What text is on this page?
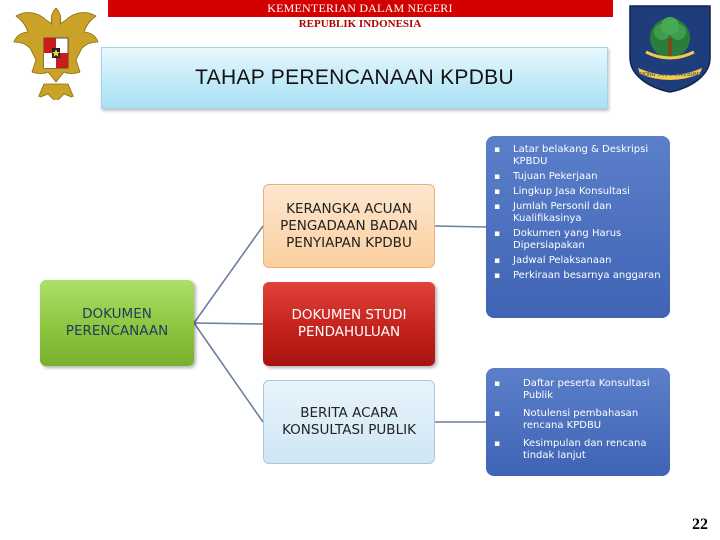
KEMENTERIAN DALAM NEGERI
REPUBLIK INDONESIA
AMONG TANI DALAN BUMIH
TAHAP PERENCANAAN KPDBU
DOKUMEN PERENCANAAN
KERANGKA ACUAN PENGADAAN BADAN PENYIAPAN KPDBU
DOKUMEN STUDI PENDAHULUAN
BERITA ACARA KONSULTASI PUBLIK
▪ Latar belakang & Deskripsi KPBDU
▪ Tujuan Pekerjaan
▪ Lingkup Jasa Konsultasi
▪ Jumlah Personil dan Kualifikasinya
▪ Dokumen yang Harus Dipersiapakan
▪ Jadwal Pelaksanaan
▪ Perkiraan besarnya anggaran
▪ Daftar peserta Konsultasi Publik
▪ Notulensi pembahasan rencana KPDBU
▪ Kesimpulan dan rencana tindak lanjut
22
